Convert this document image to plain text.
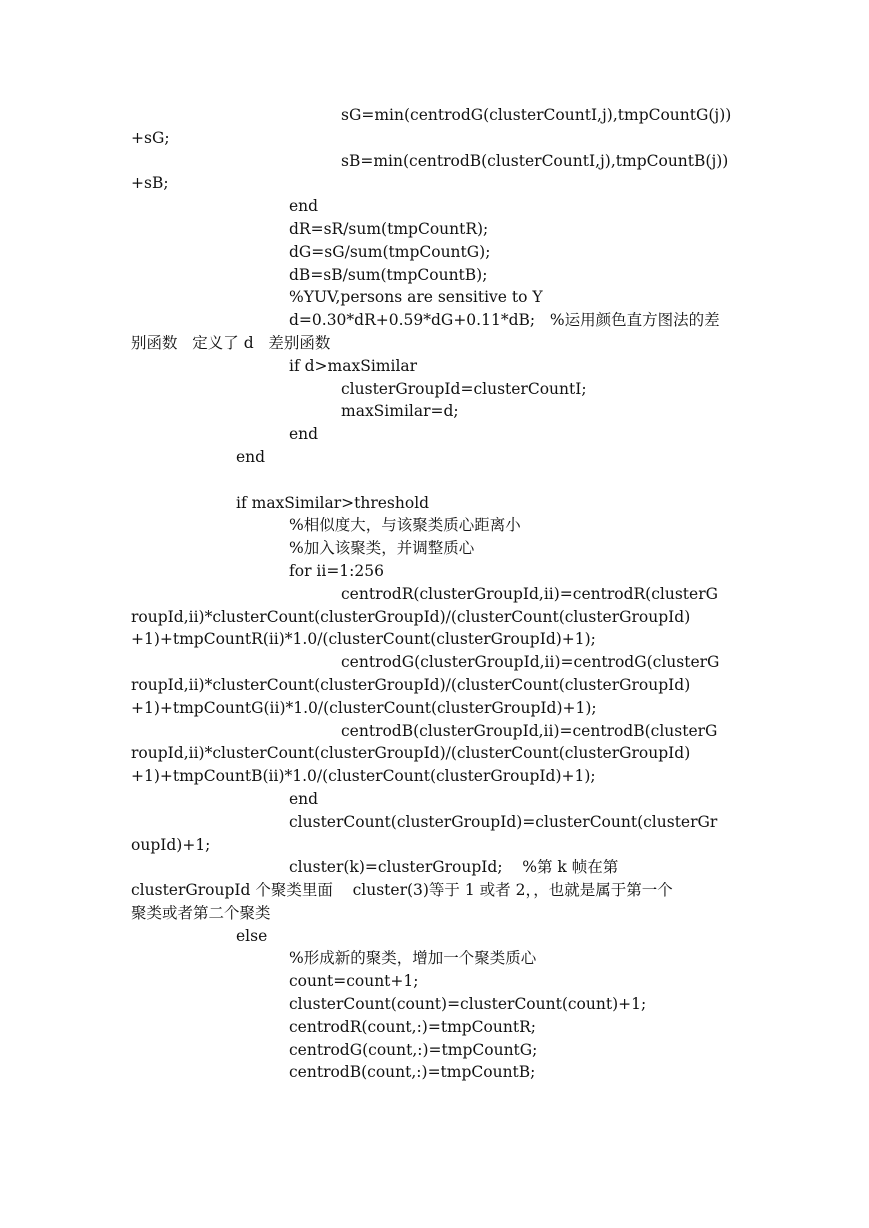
sG=min(centrodG(clusterCountI,j),tmpCountG(j))
+sG;
sB=min(centrodB(clusterCountI,j),tmpCountB(j))
+sB;
end
dR=sR/sum(tmpCountR);
dG=sG/sum(tmpCountG);
dB=sB/sum(tmpCountB);
%YUV,persons are sensitive to Y
d=0.30*dR+0.59*dG+0.11*dB;   %运用颜色直方图法的差
别函数   定义了 d   差别函数
if d>maxSimilar
clusterGroupId=clusterCountI;
maxSimilar=d;
end
end
if maxSimilar>threshold
%相似度大，与该聚类质心距离小
%加入该聚类，并调整质心
for ii=1:256
centrodR(clusterGroupId,ii)=centrodR(clusterG
roupId,ii)*clusterCount(clusterGroupId)/(clusterCount(clusterGroupId)
+1)+tmpCountR(ii)*1.0/(clusterCount(clusterGroupId)+1);
centrodG(clusterGroupId,ii)=centrodG(clusterG
roupId,ii)*clusterCount(clusterGroupId)/(clusterCount(clusterGroupId)
+1)+tmpCountG(ii)*1.0/(clusterCount(clusterGroupId)+1);
centrodB(clusterGroupId,ii)=centrodB(clusterG
roupId,ii)*clusterCount(clusterGroupId)/(clusterCount(clusterGroupId)
+1)+tmpCountB(ii)*1.0/(clusterCount(clusterGroupId)+1);
end
clusterCount(clusterGroupId)=clusterCount(clusterGr
oupId)+1;
cluster(k)=clusterGroupId;    %第 k 帧在第
clusterGroupId 个聚类里面    cluster(3)等于 1 或者 2，，也就是属于第一个
聚类或者第二个聚类
else
%形成新的聚类，增加一个聚类质心
count=count+1;
clusterCount(count)=clusterCount(count)+1;
centrodR(count,:)=tmpCountR;
centrodG(count,:)=tmpCountG;
centrodB(count,:)=tmpCountB;
